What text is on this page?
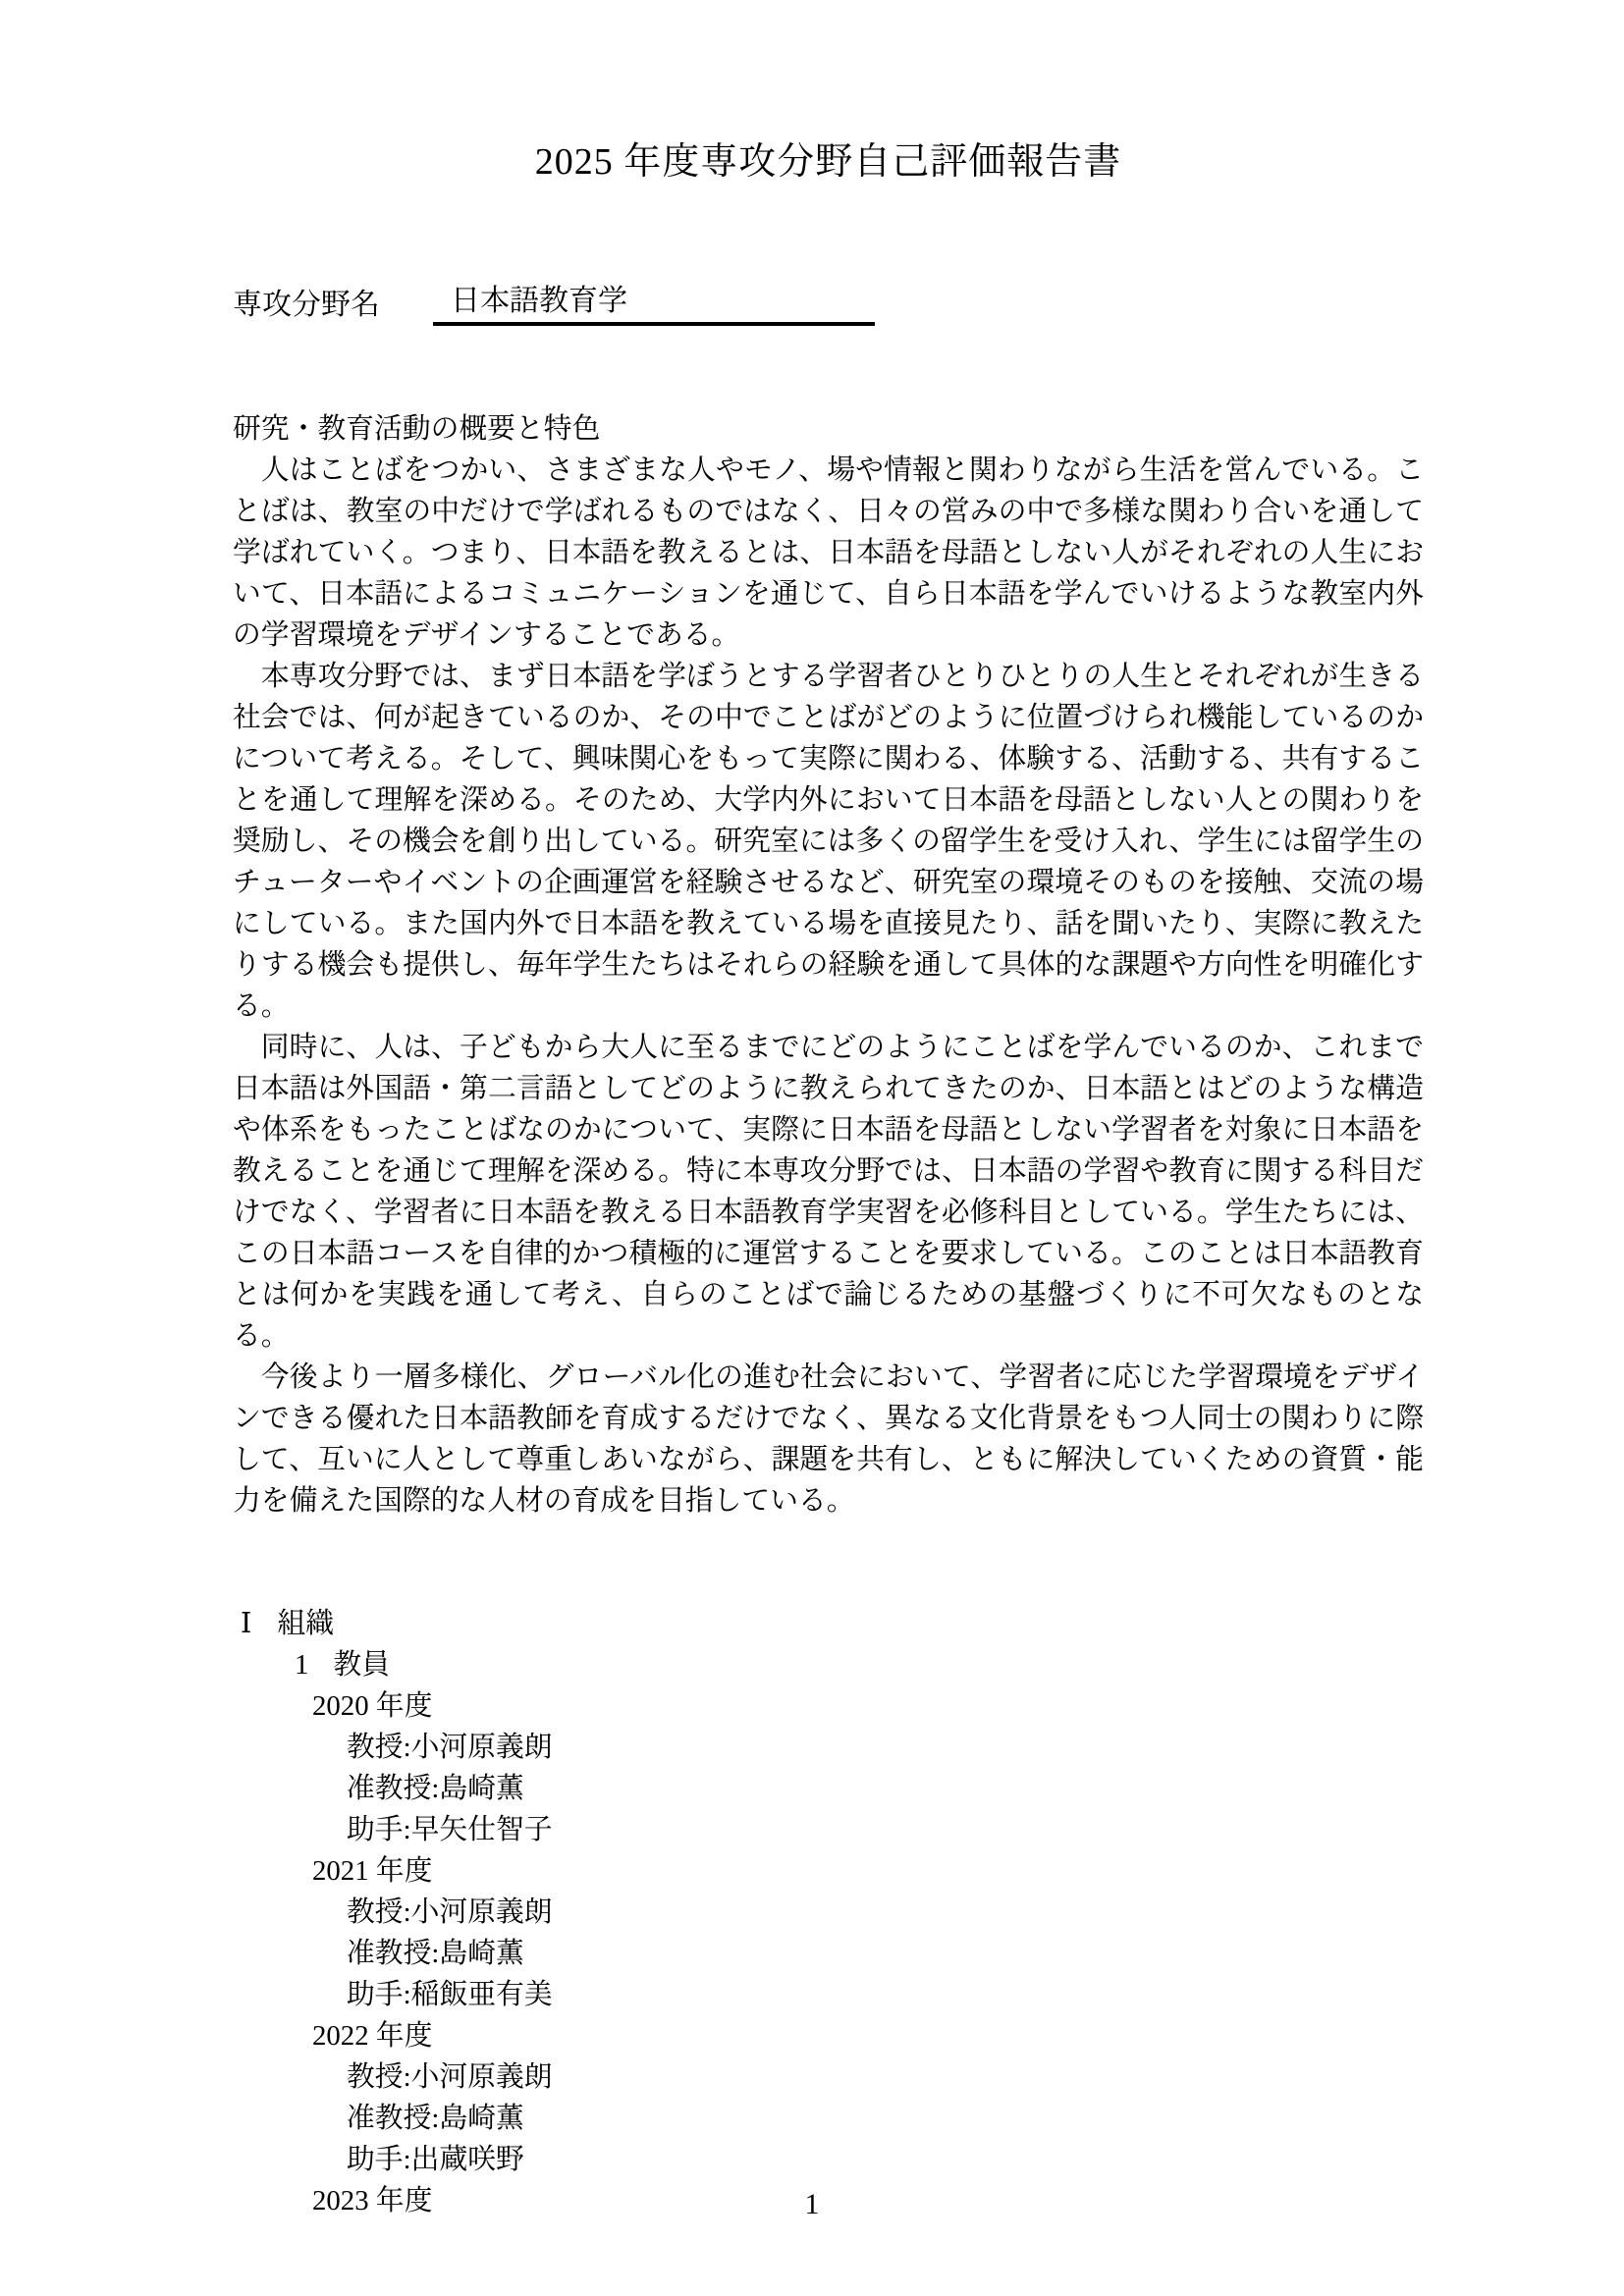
2025 年度専攻分野自己評価報告書
専攻分野名	日本語教育学
研究・教育活動の概要と特色

人はことばをつかい、さまざまな人やモノ、場や情報と関わりながら生活を営んでいる。ことばは、教室の中だけで学ばれるものではなく、日々の営みの中で多様な関わり合いを通して学ばれていく。つまり、日本語を教えるとは、日本語を母語としない人がそれぞれの人生において、日本語によるコミュニケーションを通じて、自ら日本語を学んでいけるような教室内外の学習環境をデザインすることである。

本専攻分野では、まず日本語を学ぼうとする学習者ひとりひとりの人生とそれぞれが生きる社会では、何が起きているのか、その中でことばがどのように位置づけられ機能しているのかについて考える。そして、興味関心をもって実際に関わる、体験する、活動する、共有することを通して理解を深める。そのため、大学内外において日本語を母語としない人との関わりを奨励し、その機会を創り出している。研究室には多くの留学生を受け入れ、学生には留学生のチューターやイベントの企画運営を経験させるなど、研究室の環境そのものを接触、交流の場にしている。また国内外で日本語を教えている場を直接見たり、話を聞いたり、実際に教えたりする機会も提供し、毎年学生たちはそれらの経験を通して具体的な課題や方向性を明確化する。

同時に、人は、子どもから大人に至るまでにどのようにことばを学んでいるのか、これまで日本語は外国語・第二言語としてどのように教えられてきたのか、日本語とはどのような構造や体系をもったことばなのかについて、実際に日本語を母語としない学習者を対象に日本語を教えることを通じて理解を深める。特に本専攻分野では、日本語の学習や教育に関する科目だけでなく、学習者に日本語を教える日本語教育学実習を必修科目としている。学生たちには、この日本語コースを自律的かつ積極的に運営することを要求している。このことは日本語教育とは何かを実践を通して考え、自らのことばで論じるための基盤づくりに不可欠なものとなる。

今後より一層多様化、グローバル化の進む社会において、学習者に応じた学習環境をデザインできる優れた日本語教師を育成するだけでなく、異なる文化背景をもつ人同士の関わりに際して、互いに人として尊重しあいながら、課題を共有し、ともに解決していくための資質・能力を備えた国際的な人材の育成を目指している。

Ⅰ 組織
1 教員
2020 年度
教授:小河原義朗
准教授:島崎薫
助手:早矢仕智子
2021 年度
教授:小河原義朗
准教授:島崎薫
助手:稲飯亜有美
2022 年度
教授:小河原義朗
准教授:島崎薫
助手:出蔵咲野
2023 年度	1
